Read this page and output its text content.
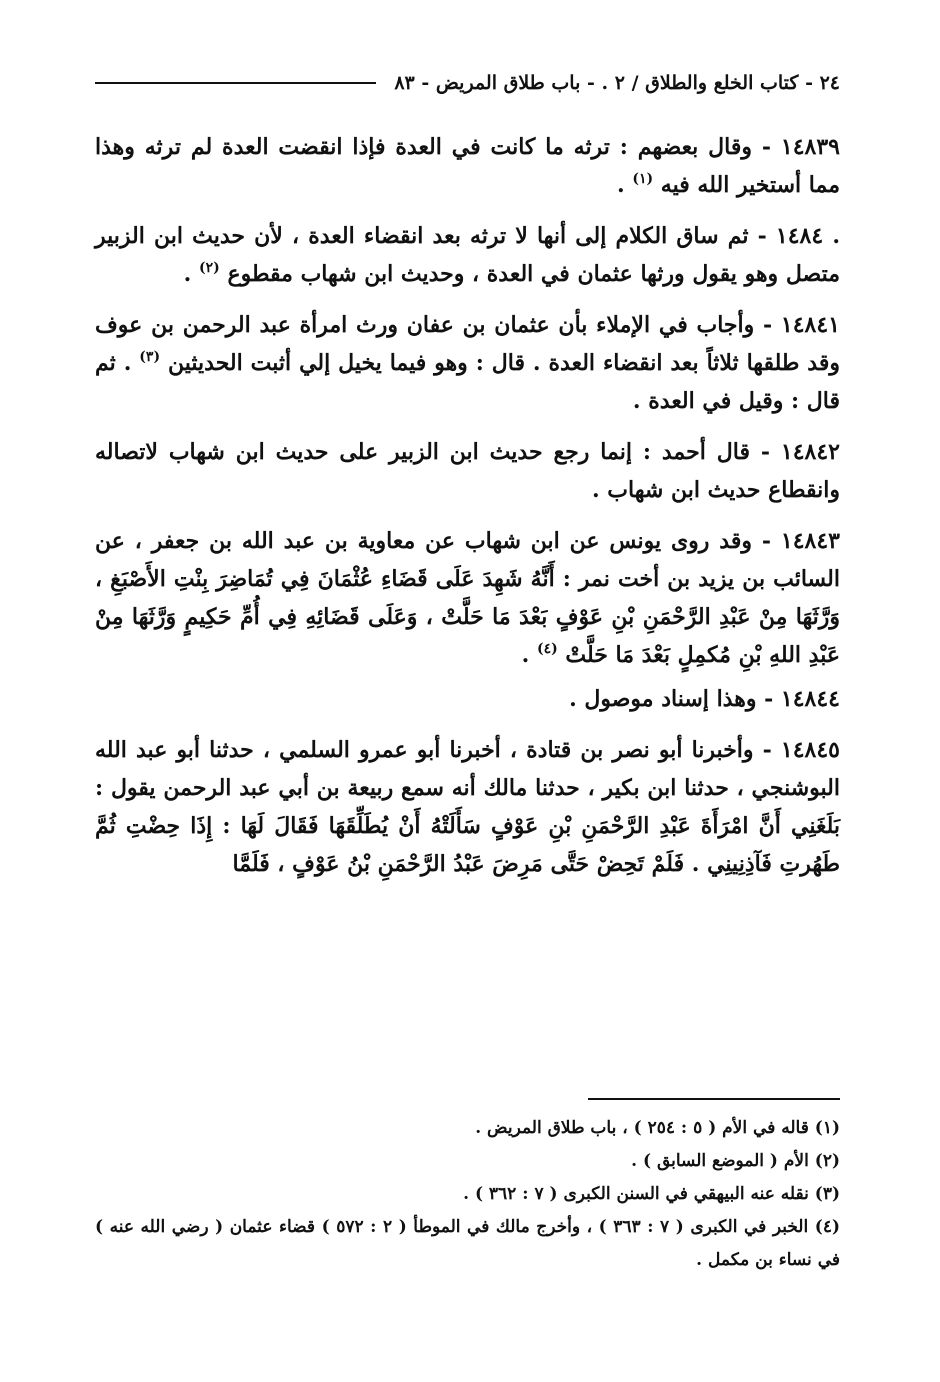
٢٤ - كتاب الخلع والطلاق / ٢ . - باب طلاق المريض - ٨٣

١٤٨٣٩ - وقال بعضهم : ترثه ما كانت في العدة فإذا انقضت العدة لم ترثه وهذا مما أستخير الله فيه $^{(١)}$ .

. ١٤٨٤ - ثم ساق الكلام إلى أنها لا ترثه بعد انقضاء العدة ، لأن حديث ابن الزبير متصل وهو يقول ورثها عثمان في العدة ، وحديث ابن شهاب مقطوع $^{(٢)}$ .

١٤٨٤١ - وأجاب في الإملاء بأن عثمان بن عفان ورث امرأة عبد الرحمن بن عوف وقد طلقها ثلاثاً بعد انقضاء العدة . قال : وهو فيما يخيل إلي أثبت الحديثين $^{(٣)}$ . ثم قال : وقيل في العدة .

١٤٨٤٢ - قال أحمد : إنما رجع حديث ابن الزبير على حديث ابن شهاب لاتصاله وانقطاع حديث ابن شهاب .

١٤٨٤٣ - وقد روى يونس عن ابن شهاب عن معاوية بن عبد الله بن جعفر ، عن السائب بن يزيد بن أخت نمر : أَنَّهُ شَهِدَ عَلَى قَضَاءِ عُثْمَانَ فِي تُمَاضِرَ بِنْتِ الأَصْبَغِ ، وَرَّثَهَا مِنْ عَبْدِ الرَّحْمَنِ بْنِ عَوْفٍ بَعْدَ مَا حَلَّتْ ، وَعَلَى قَضَائِهِ فِي أُمِّ حَكِيمٍ وَرَّثَهَا مِنْ عَبْدِ اللهِ بْنِ مُكمِلٍ بَعْدَ مَا حَلَّتْ $^{(٤)}$ .

١٤٨٤٤ - وهذا إسناد موصول .

١٤٨٤٥ - وأخبرنا أبو نصر بن قتادة ، أخبرنا أبو عمرو السلمي ، حدثنا أبو عبد الله البوشنجي ، حدثنا ابن بكير ، حدثنا مالك أنه سمع ربيعة بن أبي عبد الرحمن يقول : بَلَغَنِي أَنَّ امْرَأَةَ عَبْدِ الرَّحْمَنِ بْنِ عَوْفٍ سَأَلَتْهُ أَنْ يُطَلِّقَهَا فَقَالَ لَهَا : إِذَا حِضْتِ ثُمَّ طَهُرتِ فَآذِنِينِي . فَلَمْ تَحِضْ حَتَّى مَرِضَ عَبْدُ الرَّحْمَنِ بْنُ عَوْفٍ ، فَلَمَّا

(١) قاله في الأم ( ٥ : ٢٥٤ ) ، باب طلاق المريض .

(٢) الأم ( الموضع السابق ) .

(٣) نقله عنه البيهقي في السنن الكبرى ( ٧ : ٣٦٢ ) .

(٤) الخبر في الكبرى ( ٧ : ٣٦٣ ) ، وأخرج مالك في الموطأ ( ٢ : ٥٧٢ ) قضاء عثمان ( رضي الله عنه ) في نساء بن مكمل .
